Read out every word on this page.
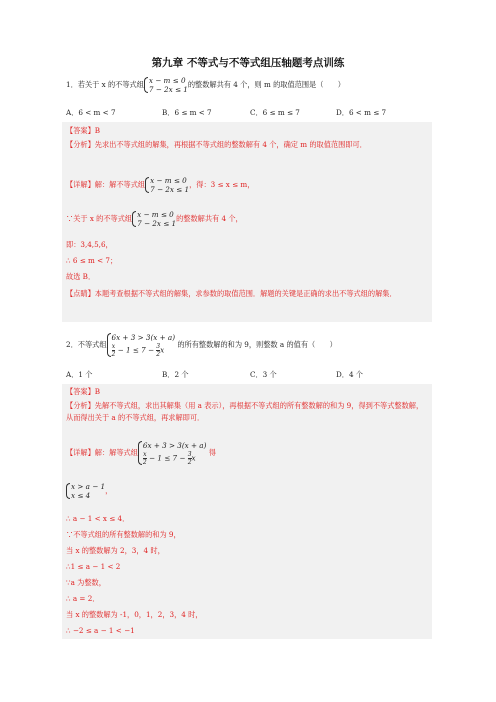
第九章 不等式与不等式组压轴题考点训练
1．若关于 x 的不等式组 x − m ≤ 0
7 − 2x ≤ 1
的整数解共有 4 个，则 m 的取值范围是（　　）
A．6 < m < 7	B．6 ≤ m < 7	C．6 ≤ m ≤ 7	D．6 < m ≤ 7
【答案】B
【分析】先求出不等式组的解集，再根据不等式组的整数解有 4 个，确定 m 的取值范围即可．
【详解】解：解不等式组 x − m ≤ 0
7 − 2x ≤ 1
，得：3 ≤ x ≤ m，
∵关于 x 的不等式组 x − m ≤ 0
7 − 2x ≤ 1
的整数解共有 4 个，
即：3,4,5,6，
∴ 6 ≤ m < 7；
故选 B．
【点睛】本题考查根据不等式组的解集，求参数的取值范围．解题的关键是正确的求出不等式组的解集．
2．不等式组
6x + 3 > 3(x + a)
$\frac{x}{2} - 1 \le 7 - \frac{3}{2}$ x
的所有整数解的和为 9，则整数 a 的值有（　　）
A．1 个	B．2 个	C．3 个	D．4 个
【答案】B
【分析】先解不等式组，求出其解集（用 a 表示），再根据不等式组的所有整数解的和为 9，得到不等式整数解，从而得出关于 a 的不等式组，再求解即可．
【详解】解：解等式组
6x + 3 > 3(x + a)
$\frac{x}{2} - 1 \le 7 - \frac{3}{2}$ x
得
x > a − 1
x ≤ 4
，
∴ a − 1 < x ≤ 4．
∵不等式组的所有整数解的和为 9，
当 x 的整数解为 2，3，4 时，
∴1 ≤ a − 1 < 2
∵a 为整数，
∴ a = 2．
当 x 的整数解为 -1，0，1，2，3，4 时，
∴ −2 ≤ a − 1 < −1
